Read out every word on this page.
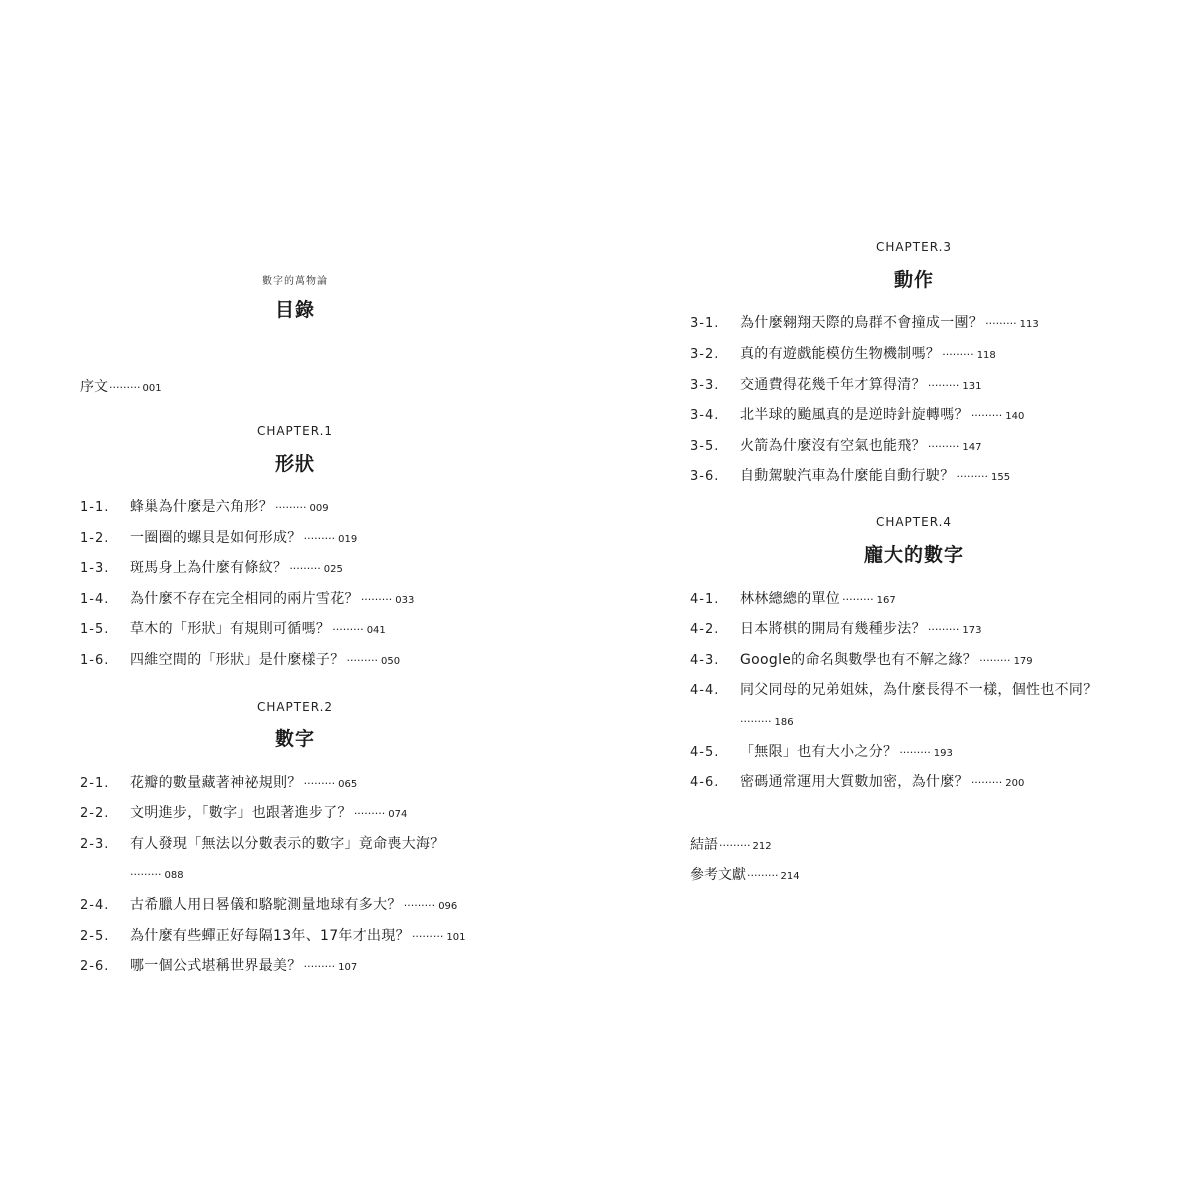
數字的萬物論
目錄
序文········· 001
CHAPTER.1
形狀
1-1. 蜂巢為什麼是六角形？ ········· 009
1-2. 一圈圈的螺貝是如何形成？ ········· 019
1-3. 斑馬身上為什麼有條紋？ ········· 025
1-4. 為什麼不存在完全相同的兩片雪花？ ········· 033
1-5. 草木的「形狀」有規則可循嗎？ ········· 041
1-6. 四維空間的「形狀」是什麼樣子？ ········· 050
CHAPTER.2
數字
2-1. 花瓣的數量藏著神祕規則？ ········· 065
2-2. 文明進步，「數字」也跟著進步了？ ········· 074
2-3. 有人發現「無法以分數表示的數字」竟命喪大海？
········· 088
2-4. 古希臘人用日晷儀和駱駝測量地球有多大？ ········· 096
2-5. 為什麼有些蟬正好每隔13年、17年才出現？ ········· 101
2-6. 哪一個公式堪稱世界最美？ ········· 107
CHAPTER.3
動作
3-1. 為什麼翱翔天際的鳥群不會撞成一團？ ········· 113
3-2. 真的有遊戲能模仿生物機制嗎？ ········· 118
3-3. 交通費得花幾千年才算得清？ ········· 131
3-4. 北半球的颱風真的是逆時針旋轉嗎？ ········· 140
3-5. 火箭為什麼沒有空氣也能飛？ ········· 147
3-6. 自動駕駛汽車為什麼能自動行駛？ ········· 155
CHAPTER.4
龐大的數字
4-1. 林林總總的單位 ········· 167
4-2. 日本將棋的開局有幾種步法？ ········· 173
4-3. Google的命名與數學也有不解之緣？ ········· 179
4-4. 同父同母的兄弟姐妹，為什麼長得不一樣，個性也不同？
········· 186
4-5. 「無限」也有大小之分？ ········· 193
4-6. 密碼通常運用大質數加密，為什麼？ ········· 200
結語········· 212
參考文獻········· 214
